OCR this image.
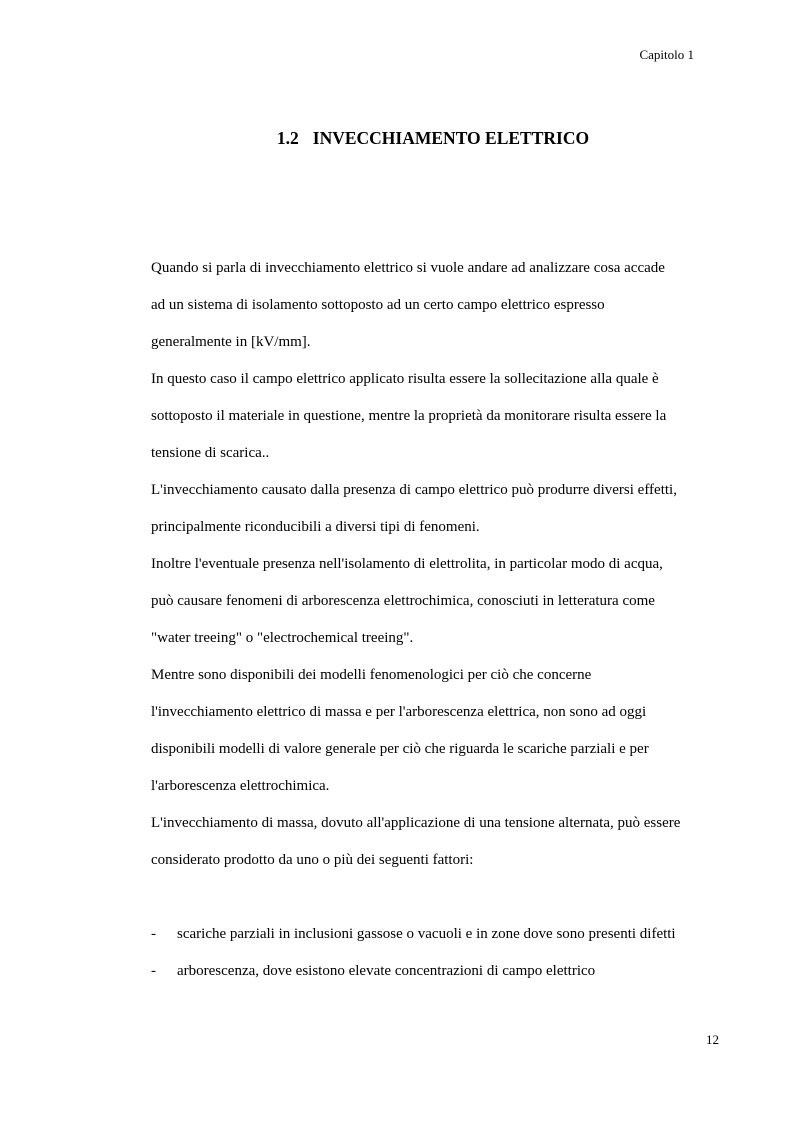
Capitolo 1
1.2 INVECCHIAMENTO ELETTRICO
Quando si parla di invecchiamento elettrico si vuole andare ad analizzare cosa accade
ad un sistema di isolamento sottoposto ad un certo campo elettrico espresso
generalmente in [kV/mm].
In questo caso il campo elettrico applicato risulta essere la sollecitazione alla quale è
sottoposto il materiale in questione, mentre la proprietà da monitorare risulta essere la
tensione di scarica..
L'invecchiamento causato dalla presenza di campo elettrico può produrre diversi effetti,
principalmente riconducibili a diversi tipi di fenomeni.
Inoltre l'eventuale presenza nell'isolamento di elettrolita, in particolar modo di acqua,
può causare fenomeni di arborescenza elettrochimica, conosciuti in letteratura come
"water treeing" o "electrochemical treeing".
Mentre sono disponibili dei modelli fenomenologici per ciò che concerne
l'invecchiamento elettrico di massa e per l'arborescenza elettrica, non sono ad oggi
disponibili modelli di valore generale per ciò che riguarda le scariche parziali e per
l'arborescenza elettrochimica.
L'invecchiamento di massa, dovuto all'applicazione di una tensione alternata, può essere
considerato prodotto da uno o più dei seguenti fattori:
- scariche parziali in inclusioni gassose o vacuoli e in zone dove sono presenti difetti
- arborescenza, dove esistono elevate concentrazioni di campo elettrico
12
